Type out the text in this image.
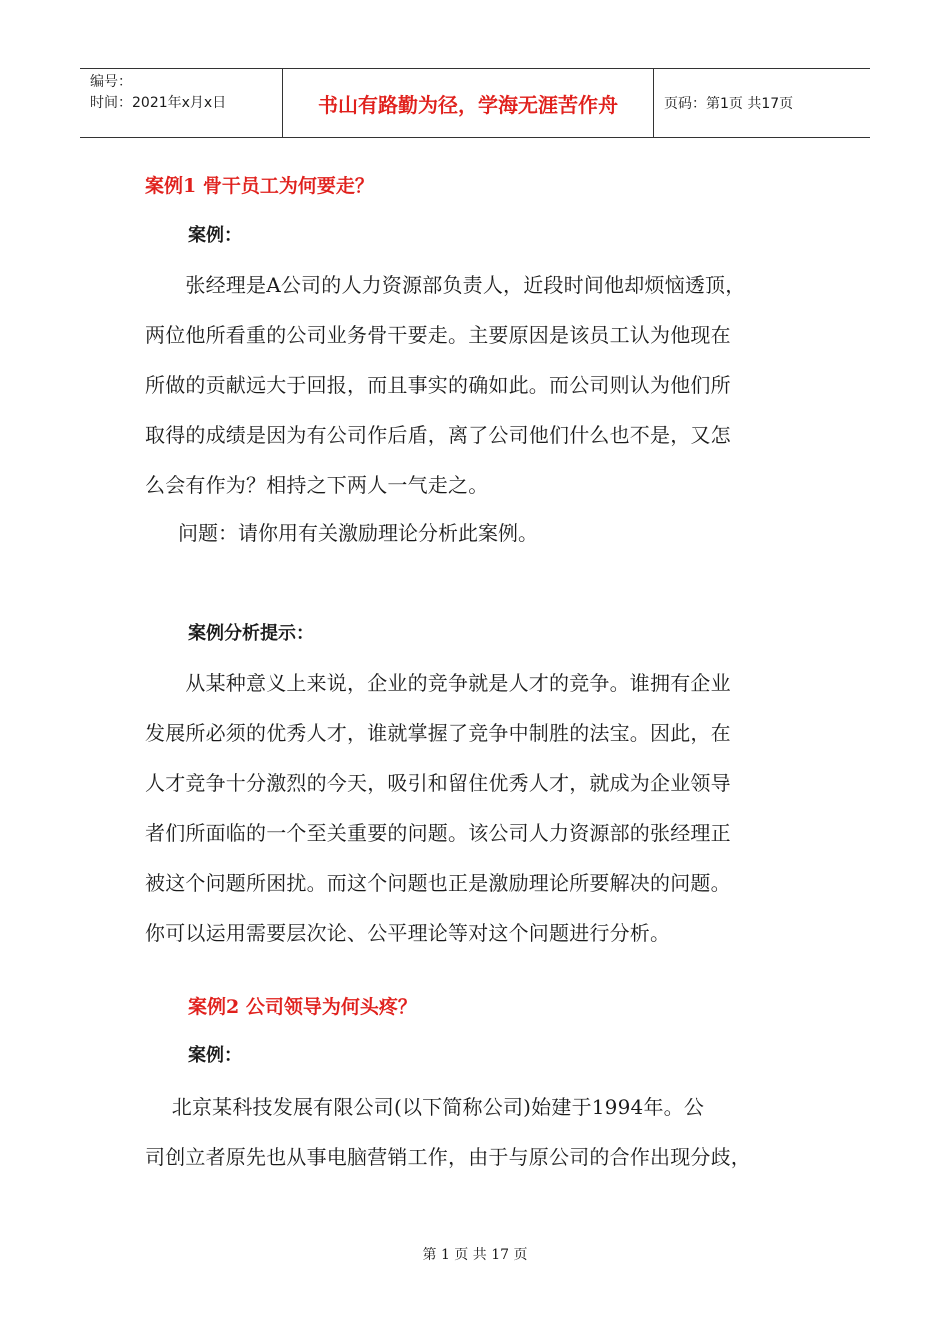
编号：
时间：2021年x月x日	书山有路勤为径，学海无涯苦作舟	页码：第1页 共17页
案例1 骨干员工为何要走？
案例：
　　张经理是A公司的人力资源部负责人，近段时间他却烦恼透顶，
两位他所看重的公司业务骨干要走。主要原因是该员工认为他现在
所做的贡献远大于回报，而且事实的确如此。而公司则认为他们所
取得的成绩是因为有公司作后盾，离了公司他们什么也不是，又怎
么会有作为？相持之下两人一气走之。
问题：请你用有关激励理论分析此案例。
案例分析提示：
　　从某种意义上来说，企业的竞争就是人才的竞争。谁拥有企业
发展所必须的优秀人才，谁就掌握了竞争中制胜的法宝。因此，在
人才竞争十分激烈的今天，吸引和留住优秀人才，就成为企业领导
者们所面临的一个至关重要的问题。该公司人力资源部的张经理正
被这个问题所困扰。而这个问题也正是激励理论所要解决的问题。
你可以运用需要层次论、公平理论等对这个问题进行分析。
案例2 公司领导为何头疼？
案例：
　 北京某科技发展有限公司(以下简称公司)始建于1994年。公
司创立者原先也从事电脑营销工作，由于与原公司的合作出现分歧，
第 1 页 共 17 页
